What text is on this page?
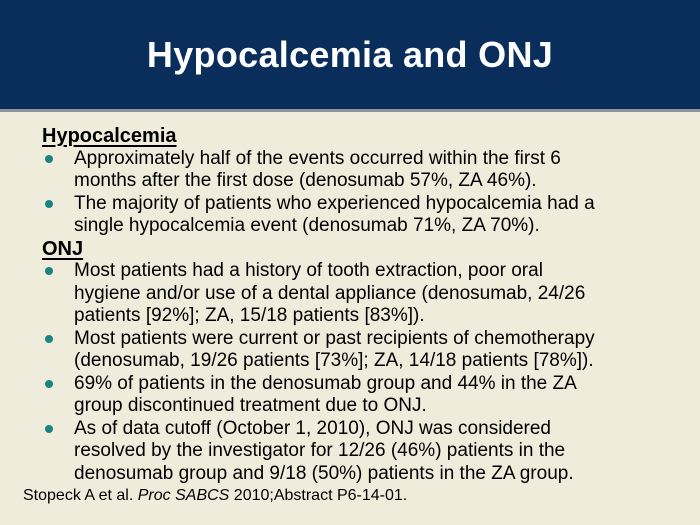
Hypocalcemia and ONJ
Hypocalcemia
Approximately half of the events occurred within the first 6
months after the first dose (denosumab 57%, ZA 46%).
The majority of patients who experienced hypocalcemia had a
single hypocalcemia event (denosumab 71%, ZA 70%).
ONJ
Most patients had a history of tooth extraction, poor oral
hygiene and/or use of a dental appliance (denosumab, 24/26
patients [92%]; ZA, 15/18 patients [83%]).
Most patients were current or past recipients of chemotherapy
(denosumab, 19/26 patients [73%]; ZA, 14/18 patients [78%]).
69% of patients in the denosumab group and 44% in the ZA
group discontinued treatment due to ONJ.
As of data cutoff (October 1, 2010), ONJ was considered
resolved by the investigator for 12/26 (46%) patients in the
denosumab group and 9/18 (50%) patients in the ZA group.

Stopeck A et al. Proc SABCS 2010;Abstract P6-14-01.
